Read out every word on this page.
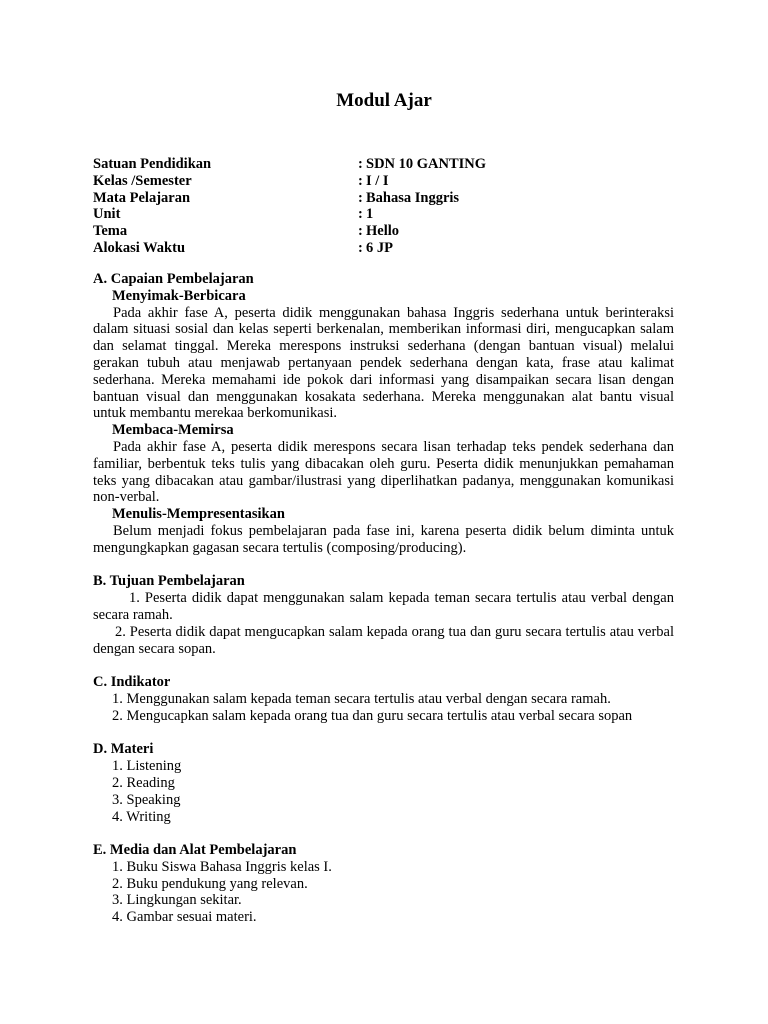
Modul Ajar
Satuan Pendidikan	: SDN 10 GANTING
Kelas /Semester	: I / I
Mata Pelajaran	: Bahasa Inggris
Unit	: 1
Tema	: Hello
Alokasi Waktu	: 6 JP
A. Capaian Pembelajaran
Menyimak-Berbicara

Pada akhir fase A, peserta didik menggunakan bahasa Inggris sederhana untuk berinteraksi dalam situasi sosial dan kelas seperti berkenalan, memberikan informasi diri, mengucapkan salam dan selamat tinggal. Mereka merespons instruksi sederhana (dengan bantuan visual) melalui gerakan tubuh atau menjawab pertanyaan pendek sederhana dengan kata, frase atau kalimat sederhana. Mereka memahami ide pokok dari informasi yang disampaikan secara lisan dengan bantuan visual dan menggunakan kosakata sederhana. Mereka menggunakan alat bantu visual untuk membantu merekaa berkomunikasi.

Membaca-Memirsa

Pada akhir fase A, peserta didik merespons secara lisan terhadap teks pendek sederhana dan familiar, berbentuk teks tulis yang dibacakan oleh guru. Peserta didik menunjukkan pemahaman teks yang dibacakan atau gambar/ilustrasi yang diperlihatkan padanya, menggunakan komunikasi non-verbal.

Menulis-Mempresentasikan

Belum menjadi fokus pembelajaran pada fase ini, karena peserta didik belum diminta untuk mengungkapkan gagasan secara tertulis (composing/producing).

B. Tujuan Pembelajaran

1. Peserta didik dapat menggunakan salam kepada teman secara tertulis atau verbal dengan secara ramah.

2. Peserta didik dapat mengucapkan salam kepada orang tua dan guru secara tertulis atau verbal dengan secara sopan.

C. Indikator
1. Menggunakan salam kepada teman secara tertulis atau verbal dengan secara ramah.
2. Mengucapkan salam kepada orang tua dan guru secara tertulis atau verbal secara sopan
D. Materi
1. Listening
2. Reading
3. Speaking
4. Writing
E. Media dan Alat Pembelajaran
1. Buku Siswa Bahasa Inggris kelas I.
2. Buku pendukung yang relevan.
3. Lingkungan sekitar.
4. Gambar sesuai materi.
